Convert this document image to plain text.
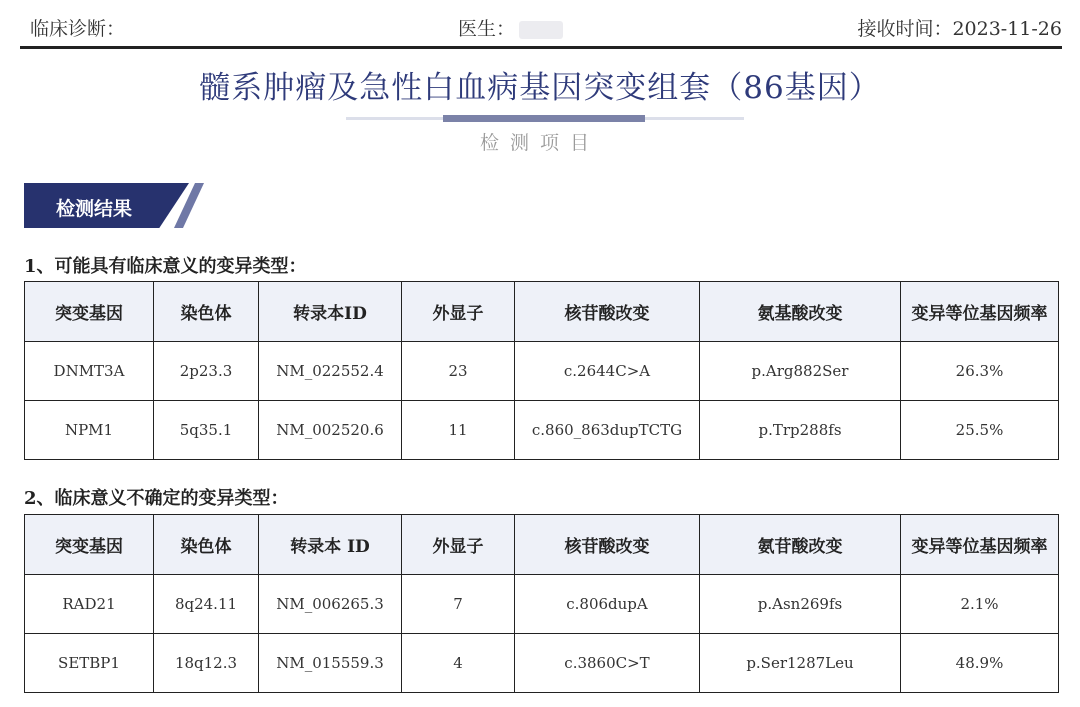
临床诊断：	医生：	接收时间：2023-11-26
髓系肿瘤及急性白血病基因突变组套（86基因）
检测项目
检测结果
1、可能具有临床意义的变异类型：
突变基因	染色体	转录本ID	外显子	核苷酸改变	氨基酸改变	变异等位基因频率
DNMT3A	2p23.3	NM_022552.4	23	c.2644C>A	p.Arg882Ser	26.3%
NPM1	5q35.1	NM_002520.6	11	c.860_863dupTCTG	p.Trp288fs	25.5%
2、临床意义不确定的变异类型：
突变基因	染色体	转录本 ID	外显子	核苷酸改变	氨苷酸改变	变异等位基因频率
RAD21	8q24.11	NM_006265.3	7	c.806dupA	p.Asn269fs	2.1%
SETBP1	18q12.3	NM_015559.3	4	c.3860C>T	p.Ser1287Leu	48.9%
